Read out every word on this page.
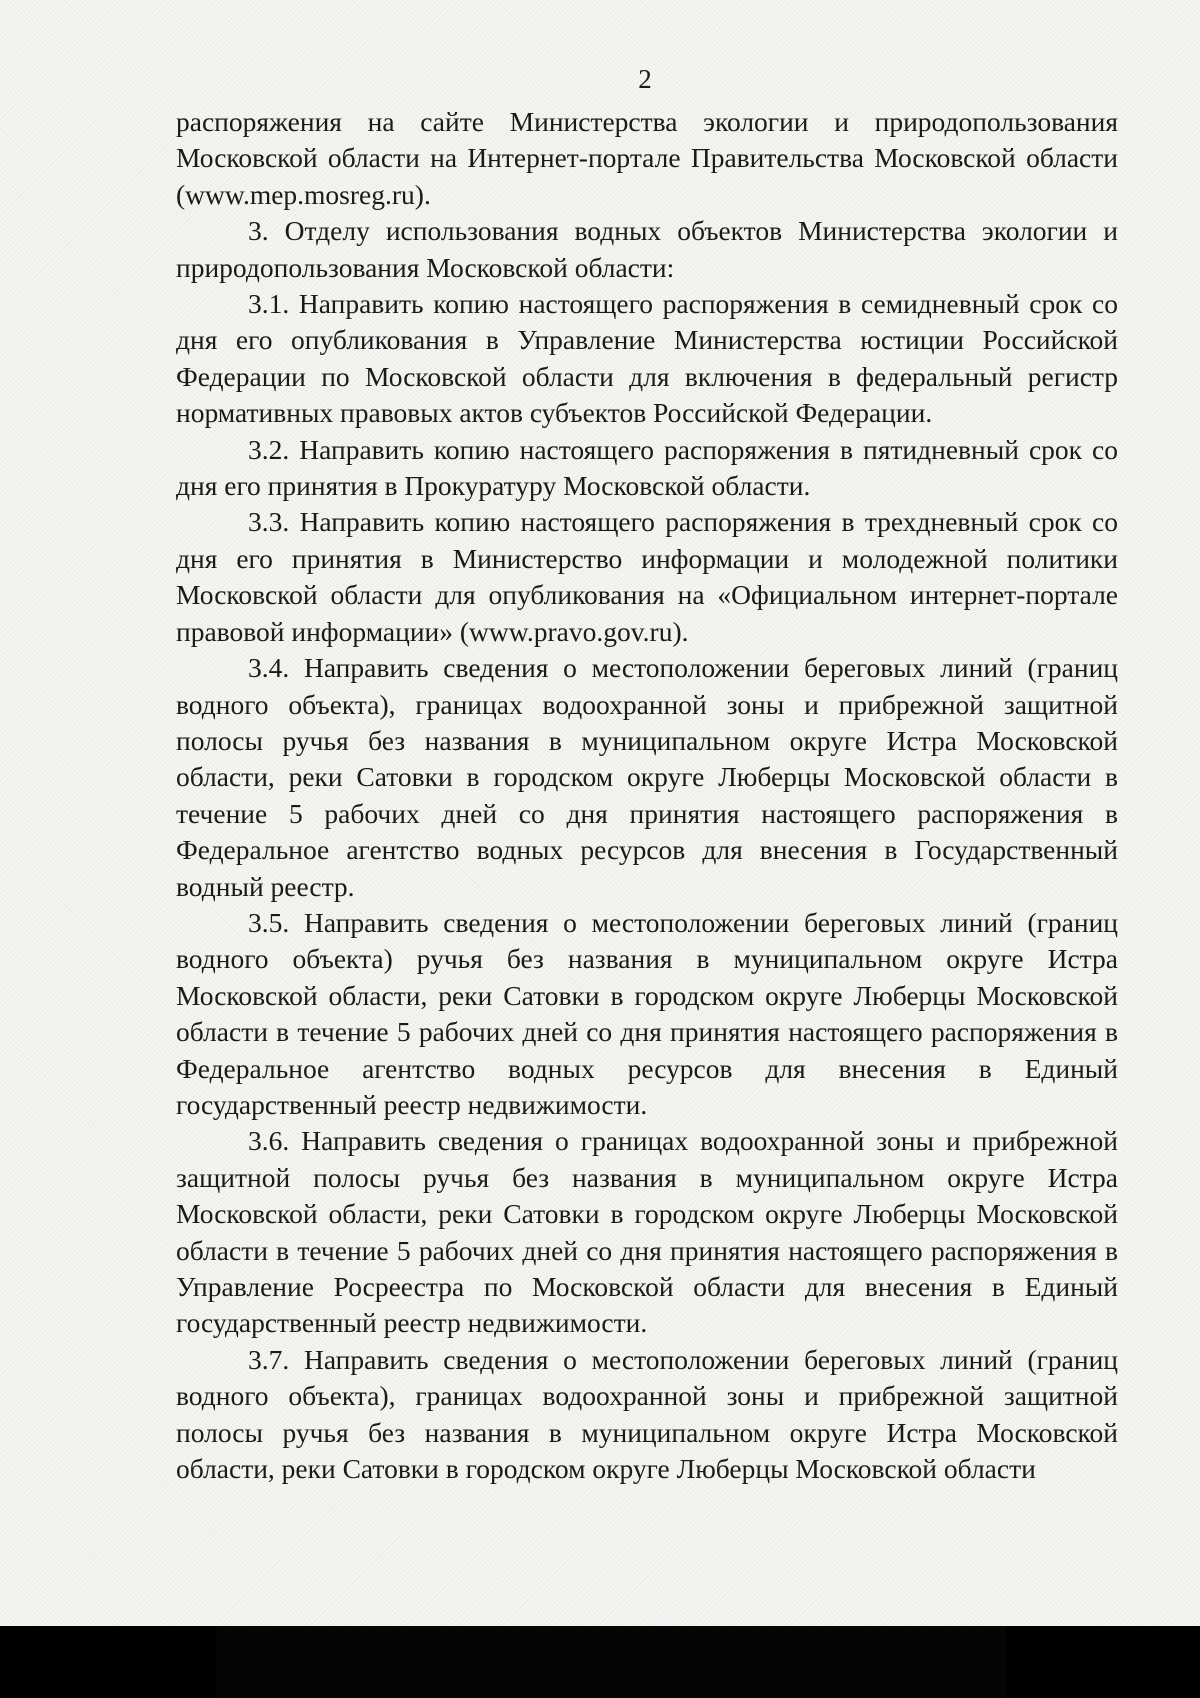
2

распоряжения на сайте Министерства экологии и природопользования Московской области на Интернет-портале Правительства Московской области (www.mep.mosreg.ru).

3. Отделу использования водных объектов Министерства экологии и природопользования Московской области:

3.1. Направить копию настоящего распоряжения в семидневный срок со дня его опубликования в Управление Министерства юстиции Российской Федерации по Московской области для включения в федеральный регистр нормативных правовых актов субъектов Российской Федерации.

3.2. Направить копию настоящего распоряжения в пятидневный срок со дня его принятия в Прокуратуру Московской области.

3.3. Направить копию настоящего распоряжения в трехдневный срок со дня его принятия в Министерство информации и молодежной политики Московской области для опубликования на «Официальном интернет-портале правовой информации» (www.pravo.gov.ru).

3.4. Направить сведения о местоположении береговых линий (границ водного объекта), границах водоохранной зоны и прибрежной защитной полосы ручья без названия в муниципальном округе Истра Московской области, реки Сатовки в городском округе Люберцы Московской области в течение 5 рабочих дней со дня принятия настоящего распоряжения в Федеральное агентство водных ресурсов для внесения в Государственный водный реестр.

3.5. Направить сведения о местоположении береговых линий (границ водного объекта) ручья без названия в муниципальном округе Истра Московской области, реки Сатовки в городском округе Люберцы Московской области в течение 5 рабочих дней со дня принятия настоящего распоряжения в Федеральное агентство водных ресурсов для внесения в Единый государственный реестр недвижимости.

3.6. Направить сведения о границах водоохранной зоны и прибрежной защитной полосы ручья без названия в муниципальном округе Истра Московской области, реки Сатовки в городском округе Люберцы Московской области в течение 5 рабочих дней со дня принятия настоящего распоряжения в Управление Росреестра по Московской области для внесения в Единый государственный реестр недвижимости.

3.7. Направить сведения о местоположении береговых линий (границ водного объекта), границах водоохранной зоны и прибрежной защитной полосы ручья без названия в муниципальном округе Истра Московской области, реки Сатовки в городском округе Люберцы Московской области
